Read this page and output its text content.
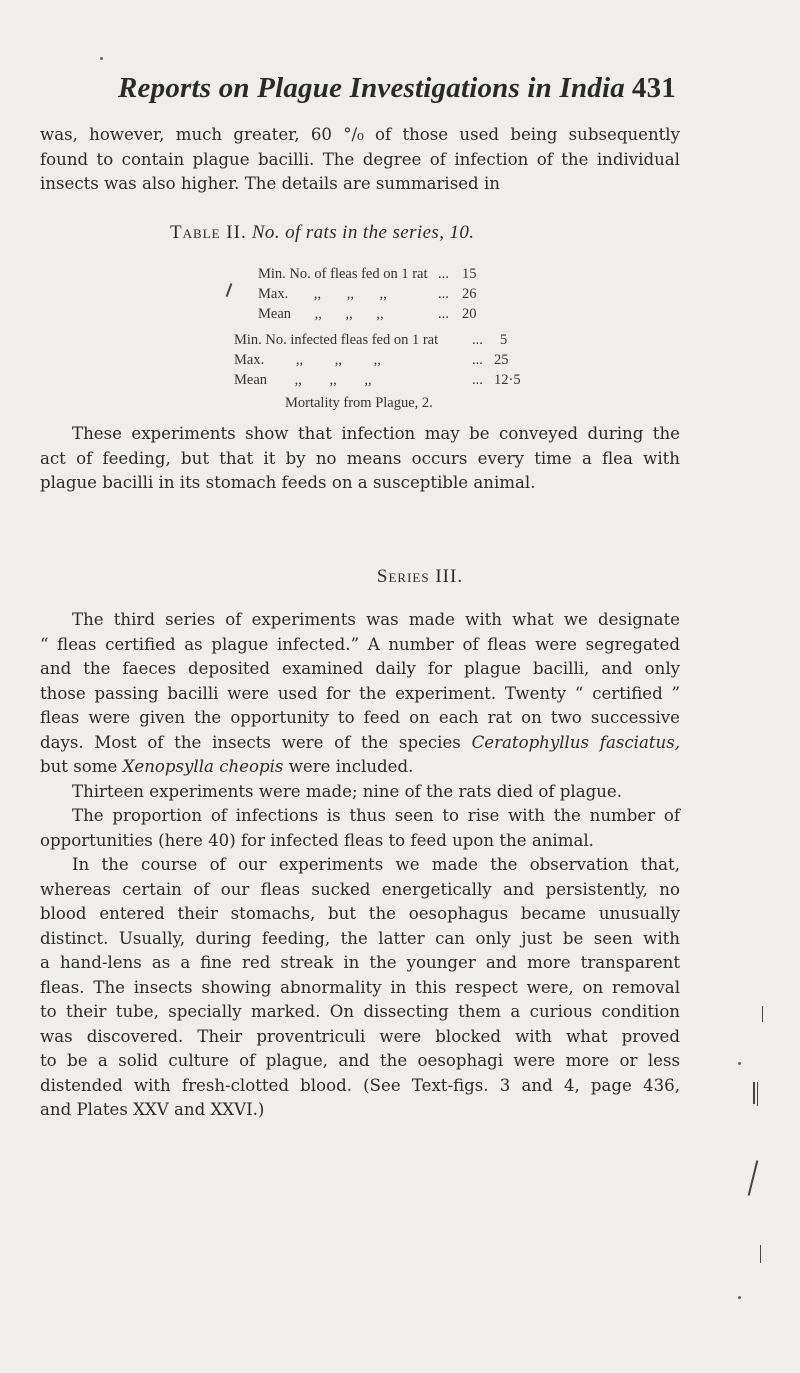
Reports on Plague Investigations in India 431
was, however, much greater, 60 °/₀ of those used being subsequently
found to contain plague bacilli. The degree of infection of the individual
insects was also higher. The details are summarised in
Table II. No. of rats in the series, 10.
Min. No. of fleas fed on 1 rat ... 15
Max. ,, ,, ,,	... 26
Mean ,, ,, ,,	... 20
Min. No. infected fleas fed on 1 rat	...	5
Max. ,, ,, ,,	... 25
Mean ,, ,, ,,	... 12·5
Mortality from Plague, 2.
These experiments show that infection may be conveyed during the
act of feeding, but that it by no means occurs every time a flea with
plague bacilli in its stomach feeds on a susceptible animal.
Series III.
The third series of experiments was made with what we designate
“ fleas certified as plague infected.” A number of fleas were segregated
and the faeces deposited examined daily for plague bacilli, and only
those passing bacilli were used for the experiment. Twenty “ certified ”
fleas were given the opportunity to feed on each rat on two successive
days. Most of the insects were of the species Ceratophyllus fasciatus,
but some Xenopsylla cheopis were included.
Thirteen experiments were made; nine of the rats died of plague.
The proportion of infections is thus seen to rise with the number of
opportunities (here 40) for infected fleas to feed upon the animal.
In the course of our experiments we made the observation that,
whereas certain of our fleas sucked energetically and persistently, no
blood entered their stomachs, but the oesophagus became unusually
distinct. Usually, during feeding, the latter can only just be seen with
a hand-lens as a fine red streak in the younger and more transparent
fleas. The insects showing abnormality in this respect were, on removal
to their tube, specially marked. On dissecting them a curious condition
was discovered. Their proventriculi were blocked with what proved
to be a solid culture of plague, and the oesophagi were more or less
distended with fresh-clotted blood. (See Text-figs. 3 and 4, page 436,
and Plates XXV and XXVI.)
